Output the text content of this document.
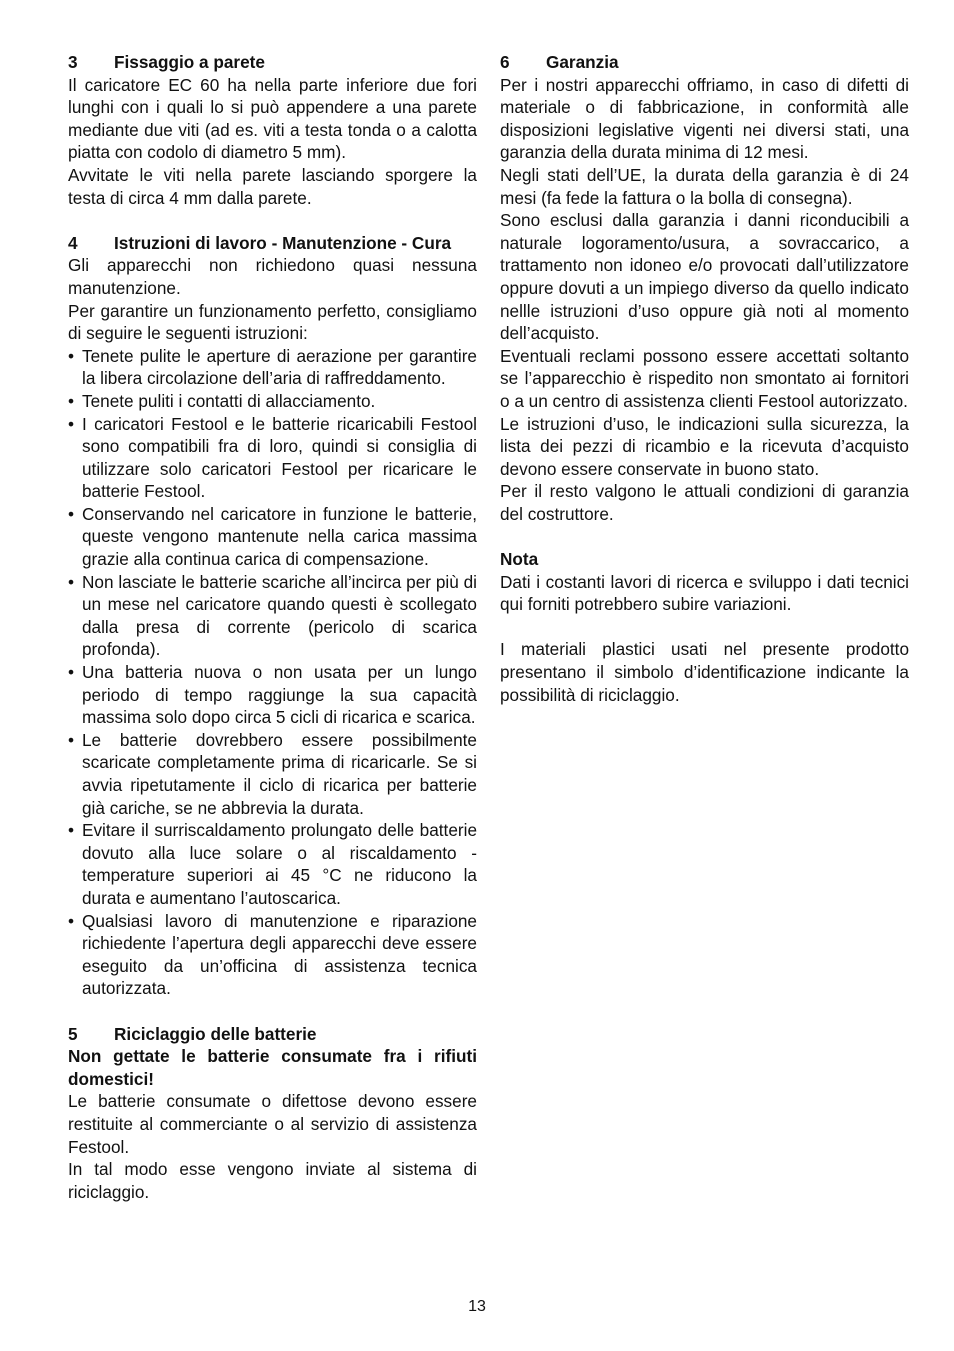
3 Fissaggio a parete

Il caricatore EC 60 ha nella parte inferiore due fori lunghi con i quali lo si può appendere a una parete mediante due viti (ad es. viti a testa tonda o a calotta piatta con codolo di diametro 5 mm).

Avvitate le viti nella parete lasciando sporgere la testa di circa 4 mm dalla parete.

4 Istruzioni di lavoro - Manutenzione - Cura

Gli apparecchi non richiedono quasi nessuna manutenzione.

Per garantire un funzionamento perfetto, consigliamo di seguire le seguenti istruzioni:

• Tenete pulite le aperture di aerazione per garantire la libera circolazione dell’aria di raffreddamento.
• Tenete puliti i contatti di allacciamento.
• I caricatori Festool e le batterie ricaricabili Festool sono compatibili fra di loro, quindi si consiglia di utilizzare solo caricatori Festool per ricaricare le batterie Festool.
• Conservando nel caricatore in funzione le batterie, queste vengono mantenute nella carica massima grazie alla continua carica di compensazione.
• Non lasciate le batterie scariche all’incirca per più di un mese nel caricatore quando questi è scollegato dalla presa di corrente (pericolo di scarica profonda).
• Una batteria nuova o non usata per un lungo periodo di tempo raggiunge la sua capacità massima solo dopo circa 5 cicli di ricarica e scarica.
• Le batterie dovrebbero essere possibilmente scaricate completamente prima di ricaricarle. Se si avvia ripetutamente il ciclo di ricarica per batterie già cariche, se ne abbrevia la durata.
• Evitare il surriscaldamento prolungato delle batterie dovuto alla luce solare o al riscaldamento - temperature superiori ai 45 °C ne riducono la durata e aumentano l’autoscarica.
• Qualsiasi lavoro di manutenzione e riparazione richiedente l’apertura degli apparecchi deve essere eseguito da un’officina di assistenza tecnica autorizzata.
5 Riciclaggio delle batterie

Non gettate le batterie consumate fra i rifiuti domestici!

Le batterie consumate o difettose devono essere restituite al commerciante o al servizio di assistenza Festool.

In tal modo esse vengono inviate al sistema di riciclaggio.

6 Garanzia

Per i nostri apparecchi offriamo, in caso di difetti di materiale o di fabbricazione, in conformità alle disposizioni legislative vigenti nei diversi stati, una garanzia della durata minima di 12 mesi.

Negli stati dell’UE, la durata della garanzia è di 24 mesi (fa fede la fattura o la bolla di consegna).

Sono esclusi dalla garanzia i danni riconducibili a naturale logoramento/usura, a sovraccarico, a trattamento non idoneo e/o provocati dall’utilizzatore oppure dovuti a un impiego diverso da quello indicato nellle istruzioni d’uso oppure già noti al momento dell’acquisto.

Eventuali reclami possono essere accettati soltanto se l’apparecchio è rispedito non smontato ai fornitori o a un centro di assistenza clienti Festool autorizzato.

Le istruzioni d’uso, le indicazioni sulla sicurezza, la lista dei pezzi di ricambio e la ricevuta d’acquisto devono essere conservate in buono stato.

Per il resto valgono le attuali condizioni di garanzia del costruttore.

Nota

Dati i costanti lavori di ricerca e sviluppo i dati tecnici qui forniti potrebbero subire variazioni.

I materiali plastici usati nel presente prodotto presentano il simbolo d’identificazione indicante la possibilità di riciclaggio.

13
